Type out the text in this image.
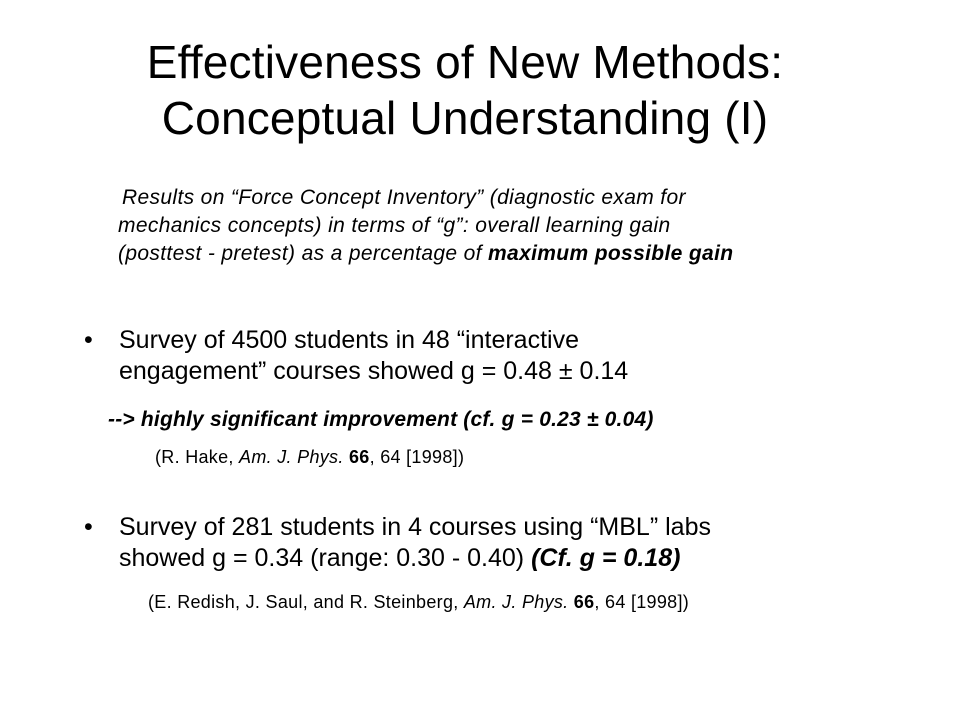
Effectiveness of New Methods:
Conceptual Understanding (I)
Results on “Force Concept Inventory” (diagnostic exam for
mechanics concepts) in terms of “g”: overall learning gain
(posttest - pretest) as a percentage of maximum possible gain
• Survey of 4500 students in 48 “interactive
engagement” courses showed g = 0.48 ± 0.14
--> highly significant improvement (cf. g = 0.23 ± 0.04)
(R. Hake, Am. J. Phys. 66, 64 [1998])
• Survey of 281 students in 4 courses using “MBL” labs
showed g = 0.34 (range: 0.30 - 0.40) (Cf. g = 0.18)
(E. Redish, J. Saul, and R. Steinberg, Am. J. Phys. 66, 64 [1998])
